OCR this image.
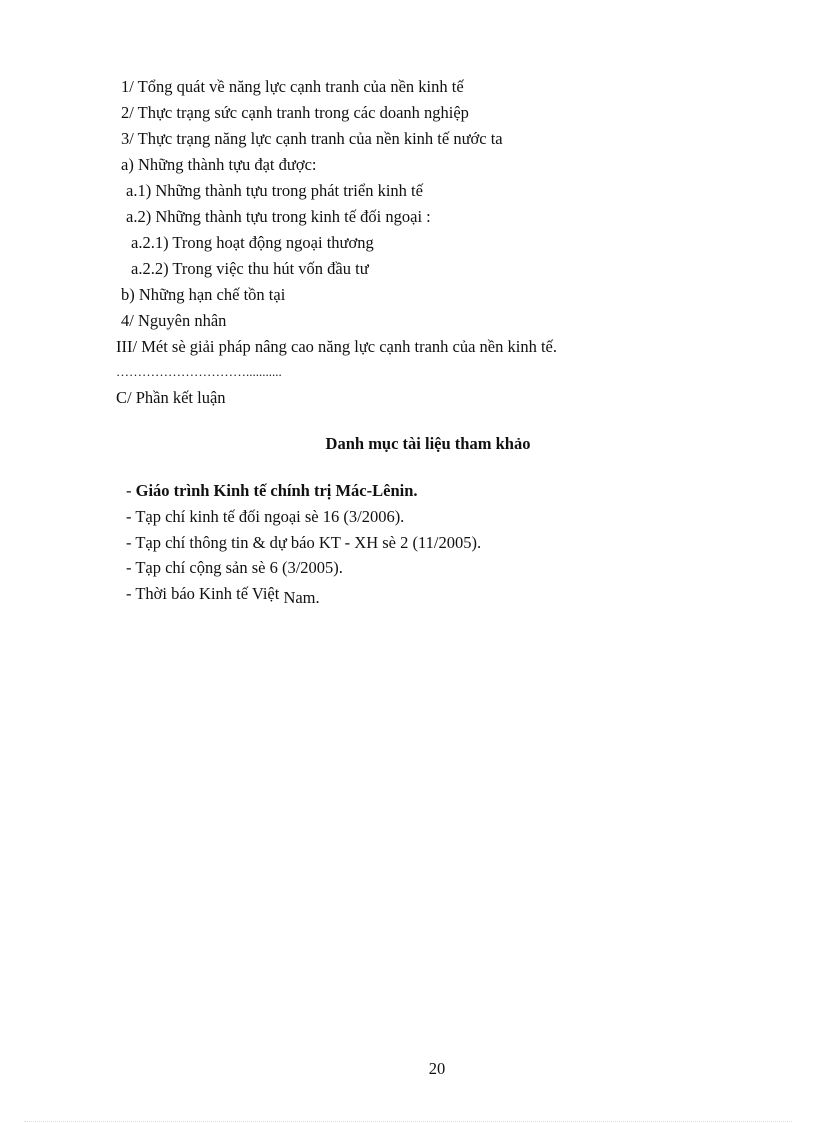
1/ Tổng quát về năng lực cạnh tranh của nền kinh tế
2/ Thực trạng sức cạnh tranh trong các doanh nghiệp
3/ Thực trạng năng lực cạnh tranh của nền kinh tế nước ta
a) Những thành tựu đạt được:
a.1) Những thành tựu trong phát triển kinh tế
a.2) Những thành tựu trong kinh tế đối ngoại :
a.2.1) Trong hoạt động ngoại thương
a.2.2) Trong việc thu hút vốn đầu tư
b) Những hạn chế tồn tại
4/ Nguyên nhân
III/ Mét sè giải pháp nâng cao năng lực cạnh tranh của nền kinh tế.
…………………………...........
C/ Phần kết luận
Danh mục tài liệu tham khảo
- Giáo trình Kinh tế chính trị Mác-Lênin.
- Tạp chí kinh tế đối ngoại sè 16 (3/2006).
- Tạp chí thông tin & dự báo KT - XH sè 2 (11/2005).
- Tạp chí cộng sản sè 6 (3/2005).
- Thời báo Kinh tế Việt Nam.
20
